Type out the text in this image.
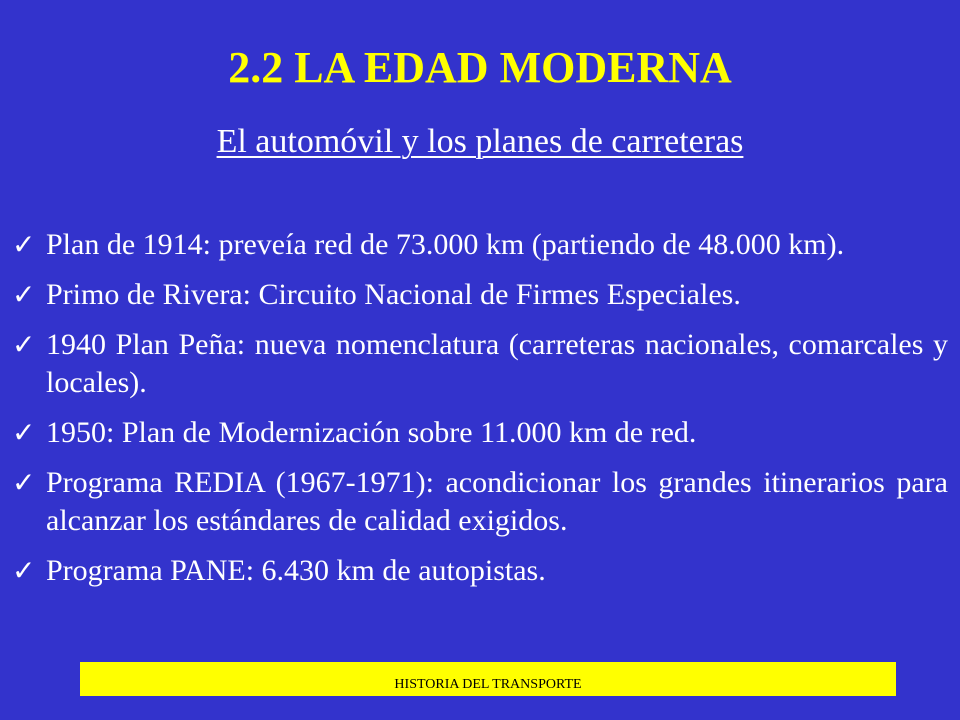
2.2 LA EDAD MODERNA
El automóvil y los planes de carreteras
✓ Plan de 1914: preveía red de 73.000 km (partiendo de 48.000 km).
✓ Primo de Rivera: Circuito Nacional de Firmes Especiales.
✓ 1940 Plan Peña: nueva nomenclatura (carreteras nacionales, comarcales y locales).
✓ 1950: Plan de Modernización sobre 11.000 km de red.
✓ Programa REDIA (1967-1971): acondicionar los grandes itinerarios para alcanzar los estándares de calidad exigidos.
✓ Programa PANE: 6.430 km de autopistas.
HISTORIA DEL TRANSPORTE
